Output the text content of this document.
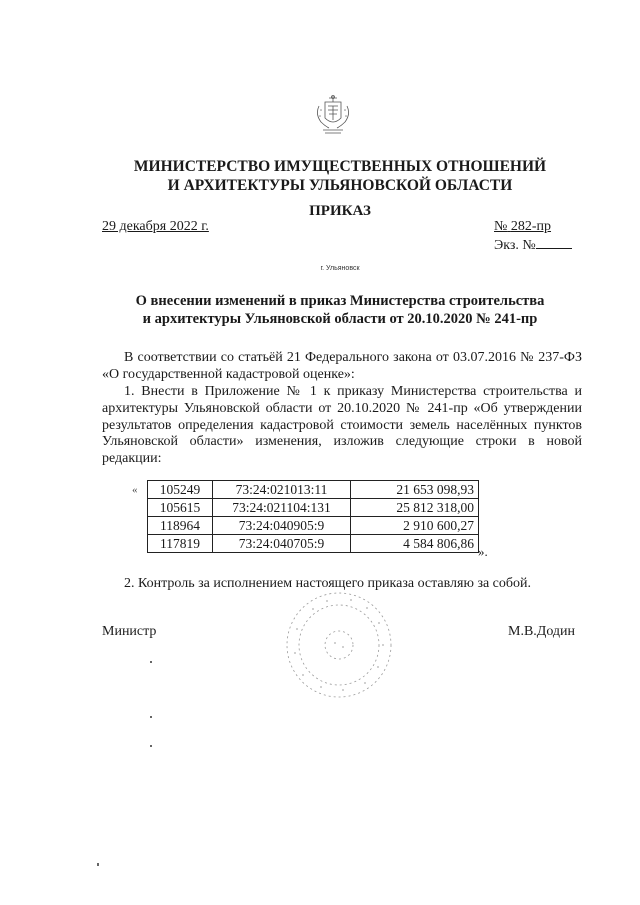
МИНИСТЕРСТВО ИМУЩЕСТВЕННЫХ ОТНОШЕНИЙ
И АРХИТЕКТУРЫ УЛЬЯНОВСКОЙ ОБЛАСТИ
ПРИКАЗ
29 декабря 2022 г.	№ 282-пр
Экз. №
г. Ульяновск
О внесении изменений в приказ Министерства строительства
и архитектуры Ульяновской области от 20.10.2020 № 241-пр
В соответствии со статьёй 21 Федерального закона от 03.07.2016 № 237-ФЗ «О государственной кадастровой оценке»:
1. Внести в Приложение № 1 к приказу Министерства строительства и архитектуры Ульяновской области от 20.10.2020 № 241-пр «Об утверждении результатов определения кадастровой стоимости земель населённых пунктов Ульяновской области» изменения, изложив следующие строки в новой редакции:
« 105249	73:24:021013:11	21 653 098,93
105615	73:24:021104:131	25 812 318,00
118964	73:24:040905:9	2 910 600,27
117819	73:24:040705:9	4 584 806,86
».
2. Контроль за исполнением настоящего приказа оставляю за собой.
Министр	М.В.Додин
